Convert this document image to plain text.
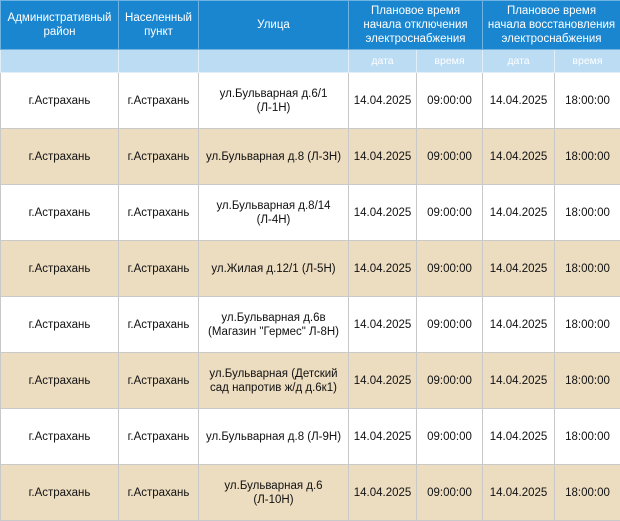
Административный район	Населенный пункт	Улица	Плановое время начала отключения электроснабжения		Плановое время начала восстановления электроснабжения	
			дата	время	дата	время
г.Астрахань	г.Астрахань	ул.Бульварная д.6/1 (Л-1Н)	14.04.2025	09:00:00	14.04.2025	18:00:00
г.Астрахань	г.Астрахань	ул.Бульварная д.8 (Л-3Н)	14.04.2025	09:00:00	14.04.2025	18:00:00
г.Астрахань	г.Астрахань	ул.Бульварная д.8/14 (Л-4Н)	14.04.2025	09:00:00	14.04.2025	18:00:00
г.Астрахань	г.Астрахань	ул.Жилая д.12/1 (Л-5Н)	14.04.2025	09:00:00	14.04.2025	18:00:00
г.Астрахань	г.Астрахань	ул.Бульварная д.6в (Магазин "Гермес" Л-8Н)	14.04.2025	09:00:00	14.04.2025	18:00:00
г.Астрахань	г.Астрахань	ул.Бульварная (Детский сад напротив ж/д д.6к1)	14.04.2025	09:00:00	14.04.2025	18:00:00
г.Астрахань	г.Астрахань	ул.Бульварная д.8 (Л-9Н)	14.04.2025	09:00:00	14.04.2025	18:00:00
г.Астрахань	г.Астрахань	ул.Бульварная д.6 (Л-10Н)	14.04.2025	09:00:00	14.04.2025	18:00:00
